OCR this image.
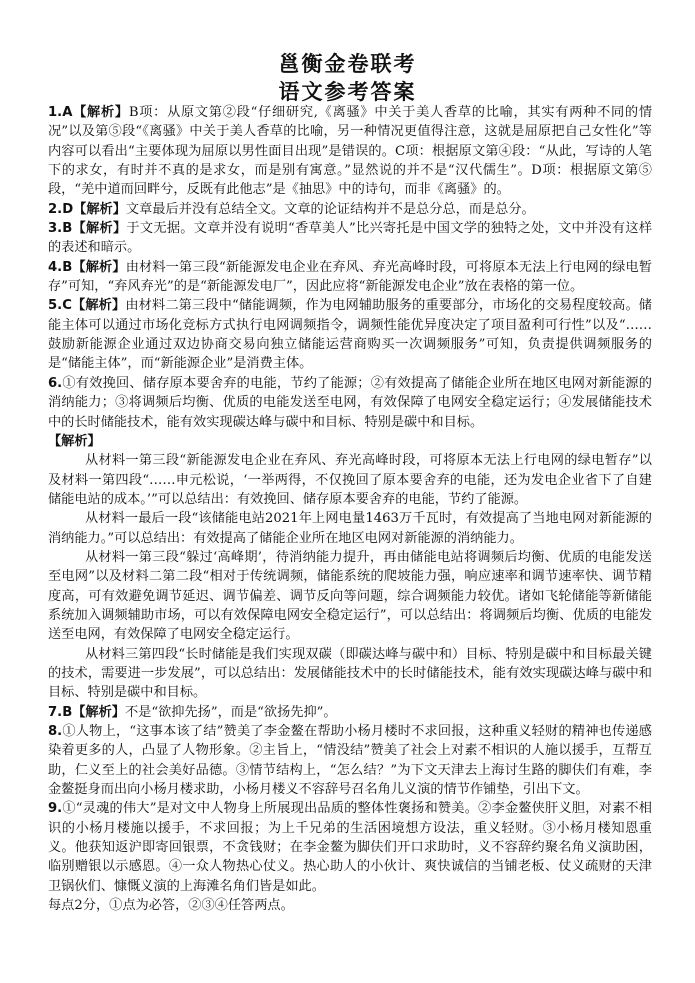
邕衡金卷联考
语文参考答案

1.A【解析】B项：从原文第②段“仔细研究,《离骚》中关于美人香草的比喻，其实有两种不同的情况”以及第⑤段“《离骚》中关于美人香草的比喻，另一种情况更值得注意，这就是屈原把自己女性化”等内容可以看出“主要体现为屈原以男性面目出现”是错误的。C项：根据原文第④段：“从此，写诗的人笔下的求女，有时并不真的是求女，而是别有寓意。”显然说的并不是“汉代儒生”。D项：根据原文第⑤段，“羌中道而回畔兮，反既有此他志”是《抽思》中的诗句，而非《离骚》的。

2.D【解析】文章最后并没有总结全文。文章的论证结构并不是总分总，而是总分。

3.B【解析】于文无据。文章并没有说明“香草美人”比兴寄托是中国文学的独特之处，文中并没有这样的表述和暗示。

4.B【解析】由材料一第三段“新能源发电企业在弃风、弃光高峰时段，可将原本无法上行电网的绿电暂存”可知，“弃风弃光”的是“新能源发电厂”，因此应将“新能源发电企业”放在表格的第一位。

5.C【解析】由材料二第三段中“储能调频，作为电网辅助服务的重要部分，市场化的交易程度较高。储能主体可以通过市场化竞标方式执行电网调频指令，调频性能优异度决定了项目盈利可行性”以及“……鼓励新能源企业通过双边协商交易向独立储能运营商购买一次调频服务”可知，负责提供调频服务的是“储能主体”，而“新能源企业”是消费主体。

6.①有效挽回、储存原本要舍弃的电能，节约了能源；②有效提高了储能企业所在地区电网对新能源的消纳能力；③将调频后均衡、优质的电能发送至电网，有效保障了电网安全稳定运行；④发展储能技术中的长时储能技术，能有效实现碳达峰与碳中和目标、特别是碳中和目标。

【解析】

从材料一第三段“新能源发电企业在弃风、弃光高峰时段，可将原本无法上行电网的绿电暂存”以及材料一第四段“……申元松说，‘一举两得，不仅挽回了原本要舍弃的电能，还为发电企业省下了自建储能电站的成本。’”可以总结出：有效挽回、储存原本要舍弃的电能，节约了能源。

从材料一最后一段“该储能电站2021年上网电量1463万千瓦时，有效提高了当地电网对新能源的消纳能力。”可以总结出：有效提高了储能企业所在地区电网对新能源的消纳能力。

从材料一第三段“躲过‘高峰期’，待消纳能力提升，再由储能电站将调频后均衡、优质的电能发送至电网”以及材料二第二段“相对于传统调频，储能系统的爬坡能力强，响应速率和调节速率快、调节精度高，可有效避免调节延迟、调节偏差、调节反向等问题，综合调频能力较优。诸如飞轮储能等新储能系统加入调频辅助市场，可以有效保障电网安全稳定运行”，可以总结出：将调频后均衡、优质的电能发送至电网，有效保障了电网安全稳定运行。

从材料三第四段“长时储能是我们实现双碳（即碳达峰与碳中和）目标、特别是碳中和目标最关键的技术，需要进一步发展”，可以总结出：发展储能技术中的长时储能技术，能有效实现碳达峰与碳中和目标、特别是碳中和目标。

7.B【解析】不是“欲抑先扬”，而是“欲扬先抑”。

8.①人物上，“这事本该了结”赞美了李金鳌在帮助小杨月楼时不求回报，这种重义轻财的精神也传递感染着更多的人，凸显了人物形象。②主旨上，“情没结”赞美了社会上对素不相识的人施以援手，互帮互助，仁义至上的社会美好品德。③情节结构上，“怎么结？”为下文天津去上海讨生路的脚伕们有难，李金鳌挺身而出向小杨月楼求助，小杨月楼义不容辞号召名角儿义演的情节作铺垫，引出下文。

9.①“灵魂的伟大”是对文中人物身上所展现出品质的整体性褒扬和赞美。②李金鳌侠肝义胆，对素不相识的小杨月楼施以援手，不求回报；为上千兄弟的生活困境想方设法，重义轻财。③小杨月楼知恩重义。他获知返沪即寄回银票，不贪钱财；在李金鳌为脚伕们开口求助时，义不容辞约聚名角义演助困，临别赠银以示感恩。④一众人物热心仗义。热心助人的小伙计、爽快诚信的当铺老板、仗义疏财的天津卫锅伙们、慷慨义演的上海滩名角们皆是如此。

每点2分，①点为必答，②③④任答两点。
